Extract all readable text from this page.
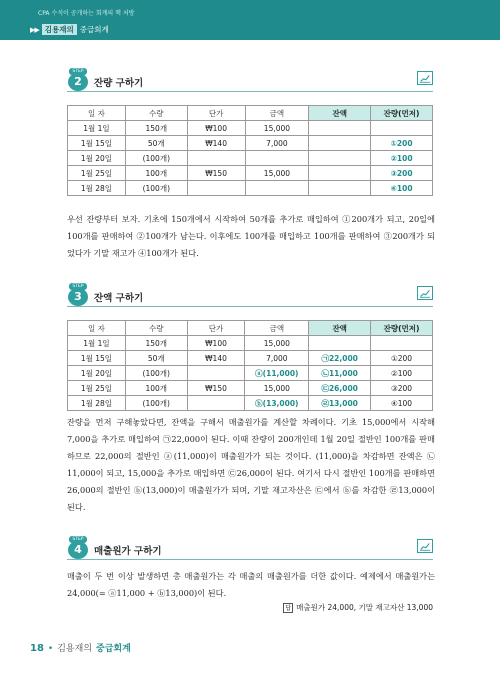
CPA 수석이 공개하는 회계의 핵 처방
▶▶ 김용재의 중급회계
2
STEP
잔량 구하기
일 자	수량	단가	금액	잔액	잔량(먼저)
1월 1일	150개	₩100	15,000		
1월 15일	50개	₩140	7,000		①200
1월 20일	(100개)				②100
1월 25일	100개	₩150	15,000		③200
1월 28일	(100개)				④100
우선 잔량부터 보자. 기초에 150개에서 시작하여 50개를 추가로 매입하여 ①200개가 되고, 20일에 100개를 판매하여 ②100개가 남는다. 이후에도 100개를 매입하고 100개를 판매하여 ③200개가 되었다가 기말 재고가 ④100개가 된다.
3
STEP
잔액 구하기
일 자	수량	단가	금액	잔액	잔량(먼저)
1월 1일	150개	₩100	15,000		
1월 15일	50개	₩140	7,000	㉠22,000	①200
1월 20일	(100개)		ⓐ(11,000)	㉡11,000	②100
1월 25일	100개	₩150	15,000	㉢26,000	③200
1월 28일	(100개)		ⓑ(13,000)	㉣13,000	④100
잔량을 먼저 구해놓았다면, 잔액을 구해서 매출원가를 계산할 차례이다. 기초 15,000에서 시작해 7,000을 추가로 매입하여 ㉠22,000이 된다. 이때 잔량이 200개인데 1월 20일 절반인 100개를 판매하므로 22,000의 절반인 ⓐ(11,000)이 매출원가가 되는 것이다. (11,000)을 차감하면 잔액은 ㉡11,000이 되고, 15,000을 추가로 매입하면 ㉢26,000이 된다. 여기서 다시 절반인 100개를 판매하면 26,000의 절반인 ⓑ(13,000)이 매출원가가 되며, 기말 재고자산은 ㉢에서 ⓑ를 차감한 ㉣13,000이 된다.
4
STEP
매출원가 구하기
매출이 두 번 이상 발생하면 총 매출원가는 각 매출의 매출원가를 더한 값이다. 예제에서 매출원가는 24,000(= ⓐ11,000 + ⓑ13,000)이 된다.
답 매출원가 24,000, 기말 재고자산 13,000
18 • 김용재의 중급회계
